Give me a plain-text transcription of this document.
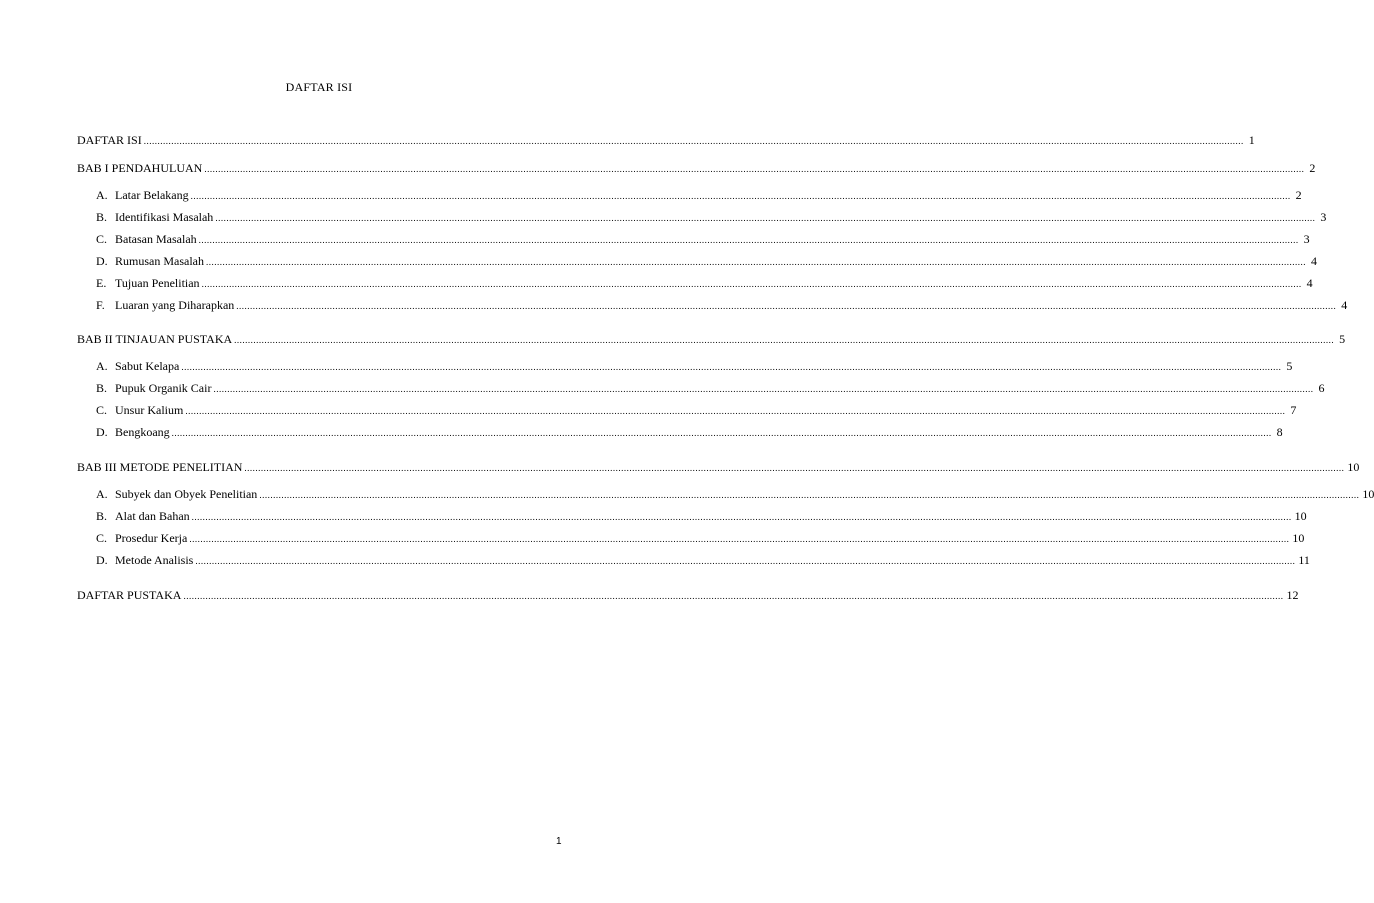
DAFTAR ISI
DAFTAR ISI ................................................................................................................................................................................................................................................................................................................................................................................................................ 1
BAB I PENDAHULUAN ................................................................................................................................................................................................................................................................................................................................................................................................................ 2
A. Latar Belakang ................................................................................................................................................................................................................................................................................................................................................................................................................ 2
B. Identifikasi Masalah ................................................................................................................................................................................................................................................................................................................................................................................................................ 3
C. Batasan Masalah ................................................................................................................................................................................................................................................................................................................................................................................................................ 3
D. Rumusan Masalah ................................................................................................................................................................................................................................................................................................................................................................................................................ 4
E. Tujuan Penelitian ................................................................................................................................................................................................................................................................................................................................................................................................................ 4
F. Luaran yang Diharapkan ................................................................................................................................................................................................................................................................................................................................................................................................................ 4
BAB II TINJAUAN PUSTAKA ................................................................................................................................................................................................................................................................................................................................................................................................................ 5
A. Sabut Kelapa ................................................................................................................................................................................................................................................................................................................................................................................................................ 5
B. Pupuk Organik Cair ................................................................................................................................................................................................................................................................................................................................................................................................................ 6
C. Unsur Kalium ................................................................................................................................................................................................................................................................................................................................................................................................................ 7
D. Bengkoang ................................................................................................................................................................................................................................................................................................................................................................................................................ 8
BAB III METODE PENELITIAN ................................................................................................................................................................................................................................................................................................................................................................................................................ 10
A. Subyek dan Obyek Penelitian ................................................................................................................................................................................................................................................................................................................................................................................................................ 10
B. Alat dan Bahan ................................................................................................................................................................................................................................................................................................................................................................................................................ 10
C. Prosedur Kerja ................................................................................................................................................................................................................................................................................................................................................................................................................ 10
D. Metode Analisis ................................................................................................................................................................................................................................................................................................................................................................................................................ 11
DAFTAR PUSTAKA ................................................................................................................................................................................................................................................................................................................................................................................................................ 12
1
